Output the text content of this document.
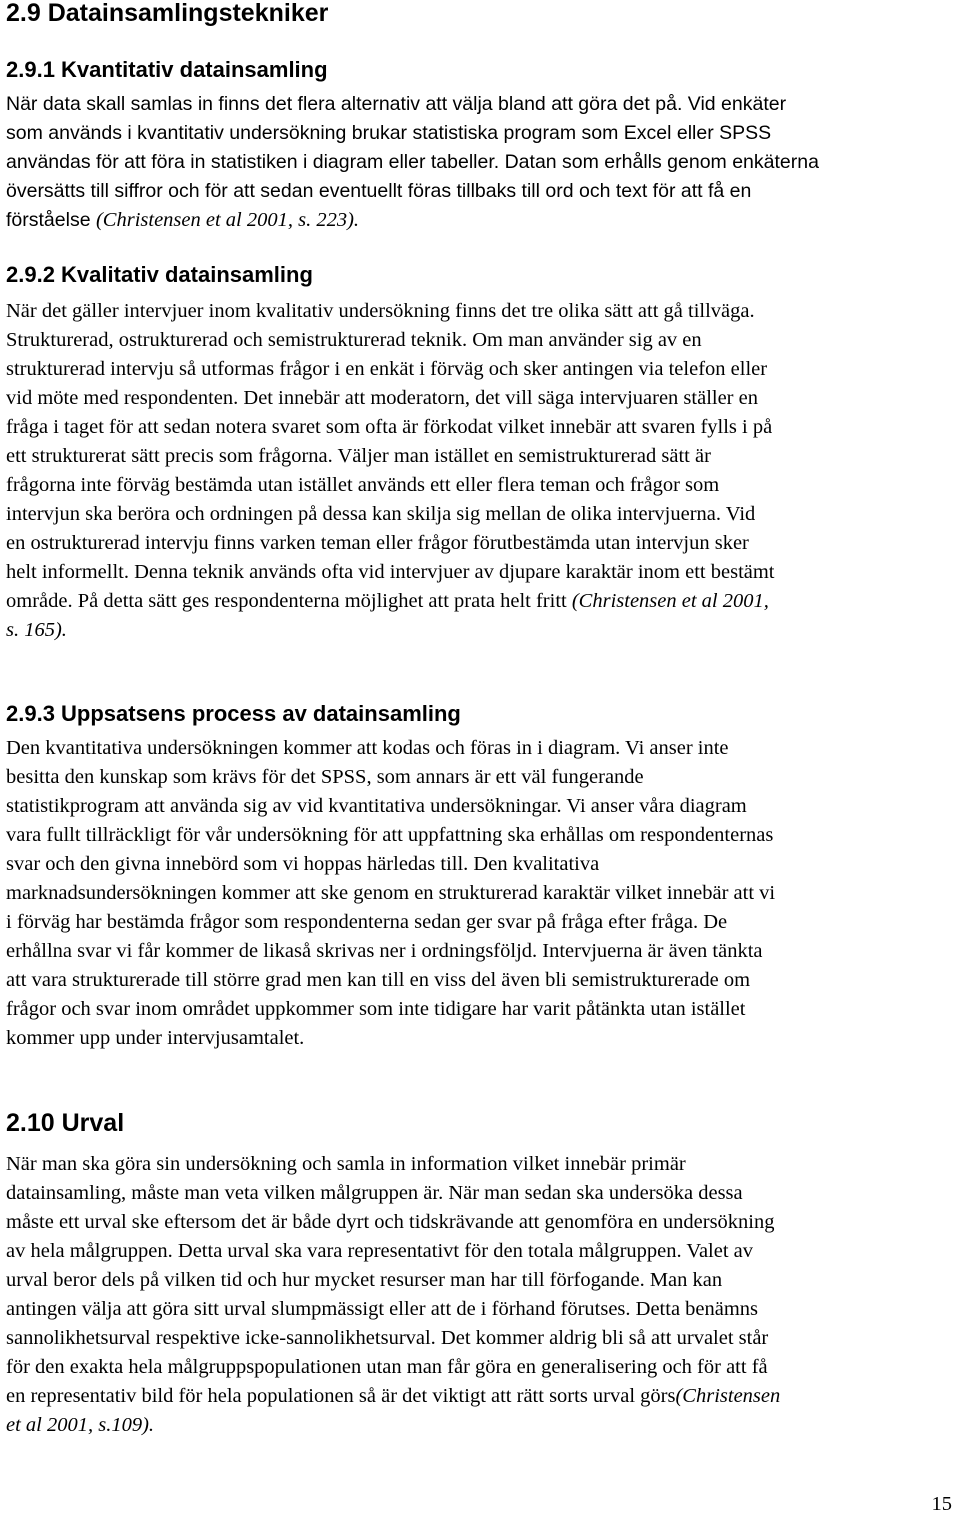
2.9 Datainsamlingstekniker
2.9.1 Kvantitativ datainsamling
När data skall samlas in finns det flera alternativ att välja bland att göra det på. Vid enkäter
som används i kvantitativ undersökning brukar statistiska program som Excel eller SPSS
användas för att föra in statistiken i diagram eller tabeller. Datan som erhålls genom enkäterna
översätts till siffror och för att sedan eventuellt föras tillbaks till ord och text för att få en
förståelse (Christensen et al 2001, s. 223).
2.9.2 Kvalitativ datainsamling
När det gäller intervjuer inom kvalitativ undersökning finns det tre olika sätt att gå tillväga.
Strukturerad, ostrukturerad och semistrukturerad teknik. Om man använder sig av en
strukturerad intervju så utformas frågor i en enkät i förväg och sker antingen via telefon eller
vid möte med respondenten. Det innebär att moderatorn, det vill säga intervjuaren ställer en
fråga i taget för att sedan notera svaret som ofta är förkodat vilket innebär att svaren fylls i på
ett strukturerat sätt precis som frågorna. Väljer man istället en semistrukturerad sätt är
frågorna inte förväg bestämda utan istället används ett eller flera teman och frågor som
intervjun ska beröra och ordningen på dessa kan skilja sig mellan de olika intervjuerna. Vid
en ostrukturerad intervju finns varken teman eller frågor förutbestämda utan intervjun sker
helt informellt. Denna teknik används ofta vid intervjuer av djupare karaktär inom ett bestämt
område. På detta sätt ges respondenterna möjlighet att prata helt fritt (Christensen et al 2001,
s. 165).
2.9.3 Uppsatsens process av datainsamling
Den kvantitativa undersökningen kommer att kodas och föras in i diagram. Vi anser inte
besitta den kunskap som krävs för det SPSS, som annars är ett väl fungerande
statistikprogram att använda sig av vid kvantitativa undersökningar. Vi anser våra diagram
vara fullt tillräckligt för vår undersökning för att uppfattning ska erhållas om respondenternas
svar och den givna innebörd som vi hoppas härledas till. Den kvalitativa
marknadsundersökningen kommer att ske genom en strukturerad karaktär vilket innebär att vi
i förväg har bestämda frågor som respondenterna sedan ger svar på fråga efter fråga. De
erhållna svar vi får kommer de likaså skrivas ner i ordningsföljd. Intervjuerna är även tänkta
att vara strukturerade till större grad men kan till en viss del även bli semistrukturerade om
frågor och svar inom området uppkommer som inte tidigare har varit påtänkta utan istället
kommer upp under intervjusamtalet.
2.10 Urval
När man ska göra sin undersökning och samla in information vilket innebär primär
datainsamling, måste man veta vilken målgruppen är. När man sedan ska undersöka dessa
måste ett urval ske eftersom det är både dyrt och tidskrävande att genomföra en undersökning
av hela målgruppen. Detta urval ska vara representativt för den totala målgruppen. Valet av
urval beror dels på vilken tid och hur mycket resurser man har till förfogande. Man kan
antingen välja att göra sitt urval slumpmässigt eller att de i förhand förutses. Detta benämns
sannolikhetsurval respektive icke-sannolikhetsurval. Det kommer aldrig bli så att urvalet står
för den exakta hela målgruppspopulationen utan man får göra en generalisering och för att få
en representativ bild för hela populationen så är det viktigt att rätt sorts urval görs(Christensen
et al 2001, s.109).
15
